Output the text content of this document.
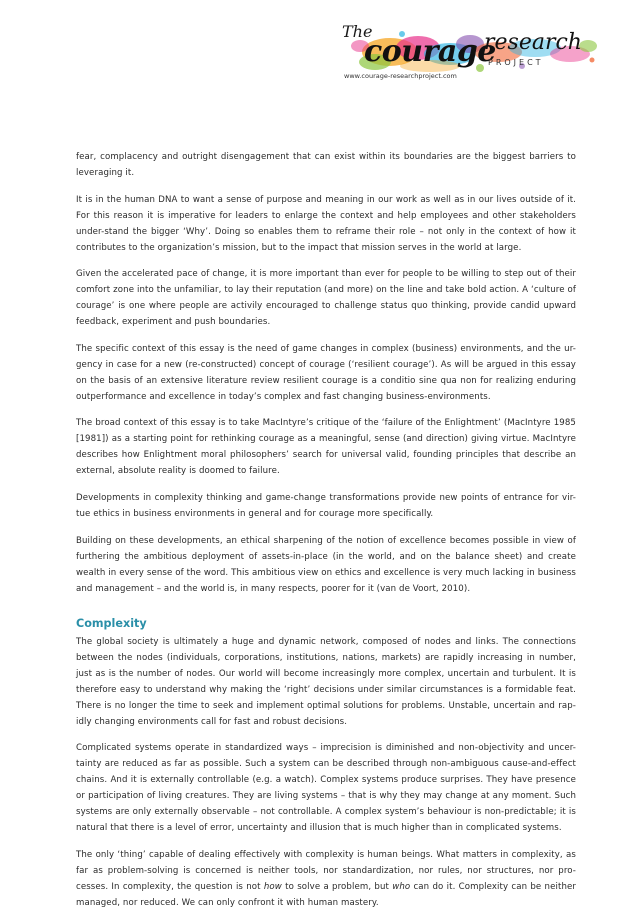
The
courage
research
PROJECT
www.courage-researchproject.com

fear, complacency and outright disengagement that can exist within its boundaries are the biggest barriers to leveraging it.

It is in the human DNA to want a sense of purpose and meaning in our work as well as in our lives outside of it. For this reason it is imperative for leaders to enlarge the context and help employees and other stakeholders under-stand the bigger ‘Why’. Doing so enables them to reframe their role – not only in the context of how it contributes to the organization’s mission, but to the impact that mission serves in the world at large.

Given the accelerated pace of change, it is more important than ever for people to be willing to step out of their comfort zone into the unfamiliar, to lay their reputation (and more) on the line and take bold action. A ‘culture of courage’ is one where people are activily encouraged to challenge status quo thinking, provide candid upward feedback, experiment and push boundaries.

The specific context of this essay is the need of game changes in complex (business) environments, and the ur-gency in case for a new (re-constructed) concept of courage (‘resilient courage’). As will be argued in this essay on the basis of an extensive literature review resilient courage is a conditio sine qua non for realizing enduring outperformance and excellence in today’s complex and fast changing business-environments.

The broad context of this essay is to take MacIntyre’s critique of the ‘failure of the Enlightment’ (MacIntyre 1985 [1981]) as a starting point for rethinking courage as a meaningful, sense (and direction) giving virtue. MacIntyre describes how Enlightment moral philosophers’ search for universal valid, founding principles that describe an external, absolute reality is doomed to failure.

Developments in complexity thinking and game-change transformations provide new points of entrance for vir-tue ethics in business environments in general and for courage more specifically.

Building on these developments, an ethical sharpening of the notion of excellence becomes possible in view of furthering the ambitious deployment of assets-in-place (in the world, and on the balance sheet) and create wealth in every sense of the word. This ambitious view on ethics and excellence is very much lacking in business and management – and the world is, in many respects, poorer for it (van de Voort, 2010).

Complexity

The global society is ultimately a huge and dynamic network, composed of nodes and links. The connections between the nodes (individuals, corporations, institutions, nations, markets) are rapidly increasing in number, just as is the number of nodes. Our world will become increasingly more complex, uncertain and turbulent. It is therefore easy to understand why making the ‘right’ decisions under similar circumstances is a formidable feat. There is no longer the time to seek and implement optimal solutions for problems. Unstable, uncertain and rap-idly changing environments call for fast and robust decisions.

Complicated systems operate in standardized ways – imprecision is diminished and non-objectivity and uncer-tainty are reduced as far as possible. Such a system can be described through non-ambiguous cause-and-effect chains. And it is externally controllable (e.g. a watch). Complex systems produce surprises. They have presence or participation of living creatures. They are living systems – that is why they may change at any moment. Such systems are only externally observable – not controllable. A complex system’s behaviour is non-predictable; it is natural that there is a level of error, uncertainty and illusion that is much higher than in complicated systems.

The only ‘thing’ capable of dealing effectively with complexity is human beings. What matters in complexity, as far as problem-solving is concerned is neither tools, nor standardization, nor rules, nor structures, nor pro-cesses. In complexity, the question is not how to solve a problem, but who can do it. Complexity can be neither managed, nor reduced. We can only confront it with human mastery.
